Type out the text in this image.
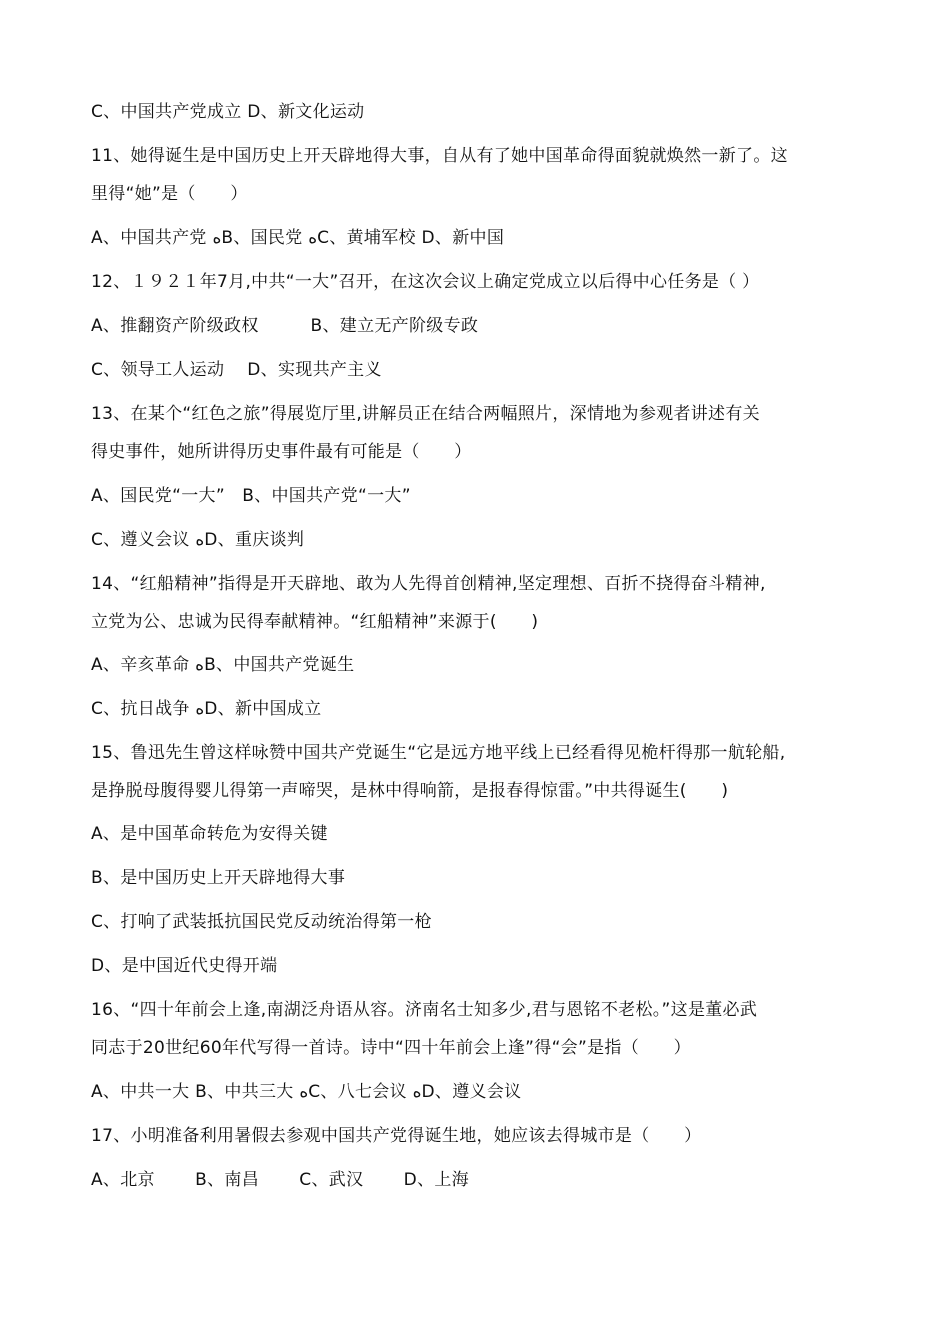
C、中国共产党成立 D、新文化运动
11、她得诞生是中国历史上开天辟地得大事，自从有了她中国革命得面貌就焕然一新了。这
里得“她”是（　　）
A、中国共产党 ﻩB、国民党 ﻩC、黄埔军校 D、新中国
12、１９２１年7月,中共“一大”召开，在这次会议上确定党成立以后得中心任务是（ ）
A、推翻资产阶级政权　　　B、建立无产阶级专政
C、领导工人运动　 D、实现共产主义
13、在某个“红色之旅”得展览厅里,讲解员正在结合两幅照片，深情地为参观者讲述有关
得史事件，她所讲得历史事件最有可能是（　　）
A、国民党“一大”　B、中国共产党“一大”
C、遵义会议 ﻩD、重庆谈判
14、“红船精神”指得是开天辟地、敢为人先得首创精神,坚定理想、百折不挠得奋斗精神,
立党为公、忠诚为民得奉献精神。“红船精神”来源于(　　)
A、辛亥革命 ﻩB、中国共产党诞生
C、抗日战争 ﻩD、新中国成立
15、鲁迅先生曾这样咏赞中国共产党诞生“它是远方地平线上已经看得见桅杆得那一航轮船,
是挣脱母腹得婴儿得第一声啼哭，是林中得响箭，是报春得惊雷。”中共得诞生(　　)
A、是中国革命转危为安得关键
B、是中国历史上开天辟地得大事
C、打响了武装抵抗国民党反动统治得第一枪
D、是中国近代史得开端
16、“四十年前会上逢,南湖泛舟语从容。济南名士知多少,君与恩铭不老松。”这是董必武
同志于20世纪60年代写得一首诗。诗中“四十年前会上逢”得“会”是指（　　）
A、中共一大 B、中共三大 ﻩC、八七会议 ﻩD、遵义会议
17、小明准备利用暑假去参观中国共产党得诞生地，她应该去得城市是（　　）
A、北京　　 B、南昌　　 C、武汉　　 D、上海
